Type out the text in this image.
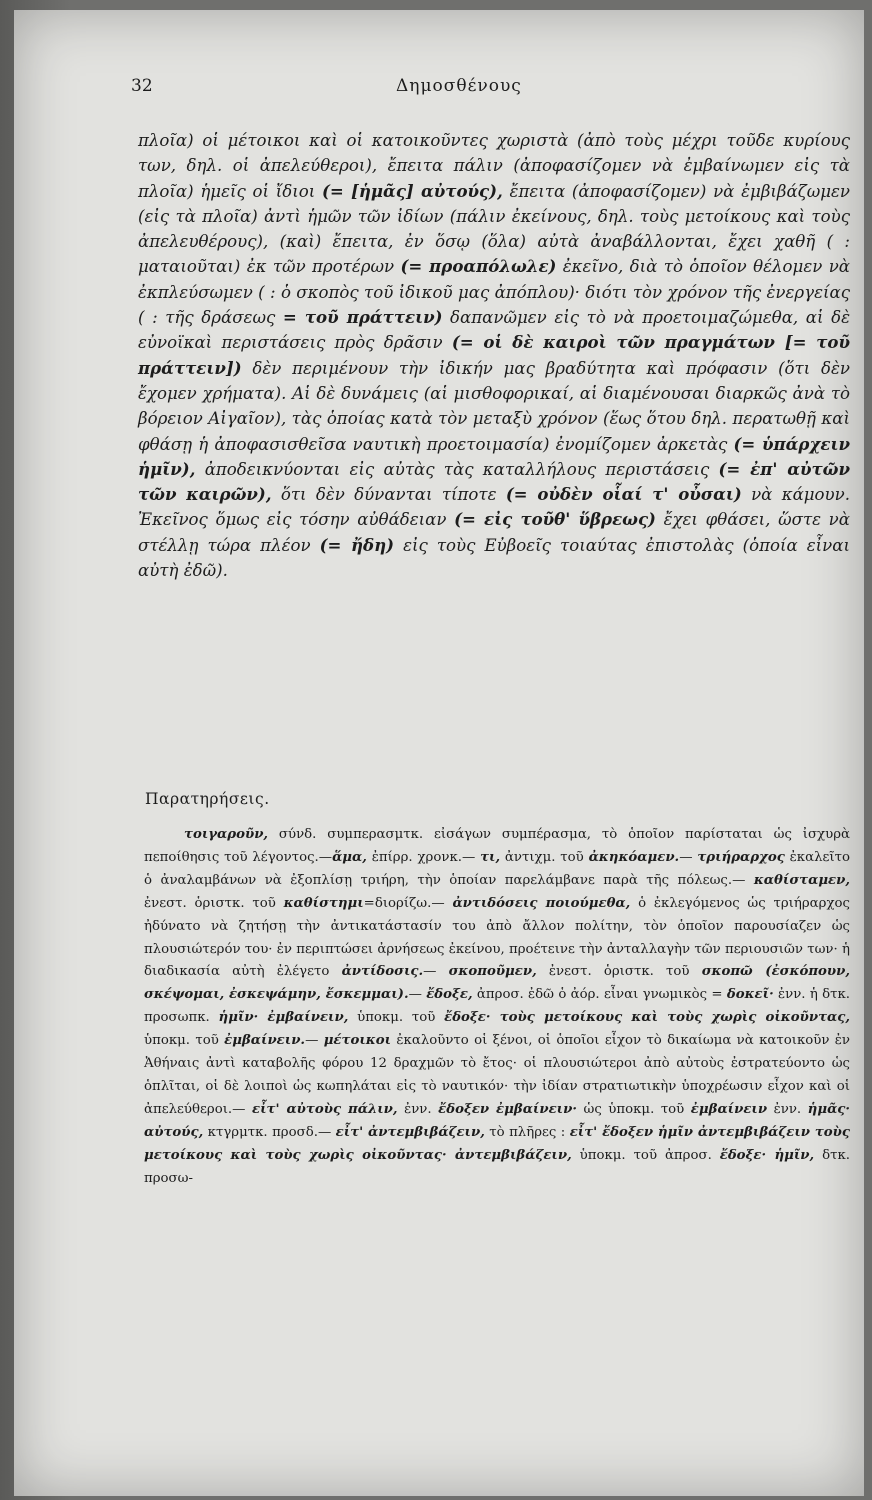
32	Δημοσθένους

πλοῖα) οἱ μέτοικοι καὶ οἱ κατοικοῦντες χωριστὰ (ἀπὸ τοὺς μέχρι τοῦδε κυρίους των, δηλ. οἱ ἀπελεύθεροι), ἔπειτα πάλιν (ἀποφασίζομεν νὰ ἐμβαίνωμεν εἰς τὰ πλοῖα) ἡμεῖς οἱ ἴδιοι (= [ἡμᾶς] αὐτούς), ἔπειτα (ἀποφασίζομεν) νὰ ἐμβιβάζωμεν (εἰς τὰ πλοῖα) ἀντὶ ἡμῶν τῶν ἰδίων (πάλιν ἐκείνους, δηλ. τοὺς μετοίκους καὶ τοὺς ἀπελευθέρους), (καὶ) ἔπειτα, ἐν ὅσῳ (ὅλα) αὐτὰ ἀναβάλλονται, ἔχει χαθῆ ( : ματαιοῦται) ἐκ τῶν προτέρων (= προαπόλωλε) ἐκεῖνο, διὰ τὸ ὁποῖον θέλομεν νὰ ἐκπλεύσωμεν ( : ὁ σκοπὸς τοῦ ἰδικοῦ μας ἀπόπλου)· διότι τὸν χρόνον τῆς ἐνεργείας ( : τῆς δράσεως = τοῦ πράττειν) δαπανῶμεν εἰς τὸ νὰ προετοιμαζώμεθα, αἱ δὲ εὐνοϊκαὶ περιστάσεις πρὸς δρᾶσιν (= οἱ δὲ καιροὶ τῶν πραγμάτων [= τοῦ πράττειν]) δὲν περιμένουν τὴν ἰδικήν μας βραδύτητα καὶ πρόφασιν (ὅτι δὲν ἔχομεν χρήματα). Αἱ δὲ δυνάμεις (αἱ μισθοφορικαί, αἱ διαμένουσαι διαρκῶς ἀνὰ τὸ βόρειον Αἰγαῖον), τὰς ὁποίας κατὰ τὸν μεταξὺ χρόνον (ἕως ὅτου δηλ. περατωθῇ καὶ φθάσῃ ἡ ἀποφασισθεῖσα ναυτικὴ προετοιμασία) ἐνομίζομεν ἀρκετὰς (= ὑπάρχειν ἡμῖν), ἀποδεικνύονται εἰς αὐτὰς τὰς καταλλήλους περιστάσεις (= ἐπ' αὐτῶν τῶν καιρῶν), ὅτι δὲν δύνανται τίποτε (= οὐδὲν οἷαί τ' οὖσαι) νὰ κάμουν. Ἐκεῖνος ὅμως εἰς τόσην αὐθάδειαν (= εἰς τοῦθ' ὕβρεως) ἔχει φθάσει, ὥστε νὰ στέλλῃ τώρα πλέον (= ἤδη) εἰς τοὺς Εὐβοεῖς τοιαύτας ἐπιστολὰς (ὁποία εἶναι αὐτὴ ἐδῶ).

Παρατηρήσεις.

τοιγαροῦν, σύνδ. συμπερασμτκ. εἰσάγων συμπέρασμα, τὸ ὁποῖον παρίσταται ὡς ἰσχυρὰ πεποίθησις τοῦ λέγοντος.—ἅμα, ἐπίρρ. χρονκ.— τι, ἀντιχμ. τοῦ ἀκηκόαμεν.— τριήραρχος ἐκαλεῖτο ὁ ἀναλαμβάνων νὰ ἐξοπλίσῃ τριήρη, τὴν ὁποίαν παρελάμβανε παρὰ τῆς πόλεως.— καθίσταμεν, ἐνεστ. ὁριστκ. τοῦ καθίστημι=διορίζω.— ἀντιδόσεις ποιούμεθα, ὁ ἐκλεγόμενος ὡς τριήραρχος ἠδύνατο νὰ ζητήσῃ τὴν ἀντικατάστασίν του ἀπὸ ἄλλον πολίτην, τὸν ὁποῖον παρουσίαζεν ὡς πλουσιώτερόν του· ἐν περιπτώσει ἀρνήσεως ἐκείνου, προέτεινε τὴν ἀνταλλαγὴν τῶν περιουσιῶν των· ἡ διαδικασία αὐτὴ ἐλέγετο ἀντίδοσις.— σκοποῦμεν, ἐνεστ. ὁριστκ. τοῦ σκοπῶ (ἐσκόπουν, σκέψομαι, ἐσκεψάμην, ἔσκεμμαι).— ἔδοξε, ἀπροσ. ἐδῶ ὁ ἀόρ. εἶναι γνωμικὸς = δοκεῖ· ἐνν. ἡ δτκ. προσωπκ. ἡμῖν· ἐμβαίνειν, ὑποκμ. τοῦ ἔδοξε· τοὺς μετοίκους καὶ τοὺς χωρὶς οἰκοῦντας, ὑποκμ. τοῦ ἐμβαίνειν.— μέτοικοι ἐκαλοῦντο οἱ ξένοι, οἱ ὁποῖοι εἶχον τὸ δικαίωμα νὰ κατοικοῦν ἐν Ἀθήναις ἀντὶ καταβολῆς φόρου 12 δραχμῶν τὸ ἔτος· οἱ πλουσιώτεροι ἀπὸ αὐτοὺς ἐστρατεύοντο ὡς ὁπλῖται, οἱ δὲ λοιποὶ ὡς κωπηλάται εἰς τὸ ναυτικόν· τὴν ἰδίαν στρατιωτικὴν ὑποχρέωσιν εἶχον καὶ οἱ ἀπελεύθεροι.— εἶτ' αὐτοὺς πάλιν, ἐνν. ἔδοξεν ἐμβαίνειν· ὡς ὑποκμ. τοῦ ἐμβαίνειν ἐνν. ἡμᾶς· αὐτούς, κτγρμτκ. προσδ.— εἶτ' ἀντεμβιβάζειν, τὸ πλῆρες : εἶτ' ἔδοξεν ἡμῖν ἀντεμβιβάζειν τοὺς μετοίκους καὶ τοὺς χωρὶς οἰκοῦντας· ἀντεμβιβάζειν, ὑποκμ. τοῦ ἀπροσ. ἔδοξε· ἡμῖν, δτκ. προσω-
